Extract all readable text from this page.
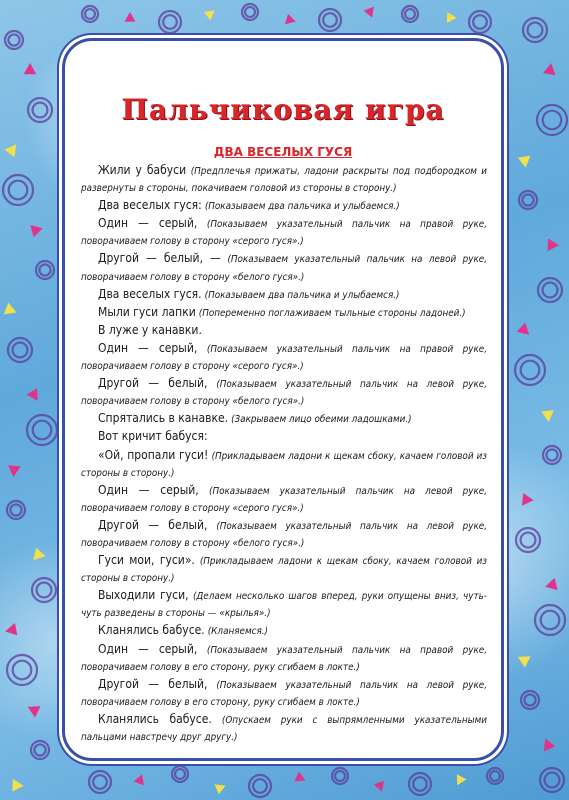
Пальчиковая игра
ДВА ВЕСЕЛЫХ ГУСЯ

Жили у бабуси (Предплечья прижаты, ладони раскрыты под подбородком и развернуты в стороны, покачиваем головой из стороны в сторону.)

Два веселых гуся: (Показываем два пальчика и улыбаемся.)

Один — серый, (Показываем указательный пальчик на правой руке, поворачиваем голову в сторону «серого гуся».)

Другой — белый, — (Показываем указательный пальчик на левой руке, поворачиваем голову в сторону «белого гуся».)

Два веселых гуся. (Показываем два пальчика и улыбаемся.)

Мыли гуси лапки (Попеременно поглаживаем тыльные стороны ладоней.)

В луже у канавки.

Один — серый, (Показываем указательный пальчик на правой руке, поворачиваем голову в сторону «серого гуся».)

Другой — белый, (Показываем указательный пальчик на левой руке, поворачиваем голову в сторону «белого гуся».)

Спрятались в канавке. (Закрываем лицо обеими ладошками.)

Вот кричит бабуся:

«Ой, пропали гуси! (Прикладываем ладони к щекам сбоку, качаем головой из стороны в сторону.)

Один — серый, (Показываем указательный пальчик на левой руке, поворачиваем голову в сторону «серого гуся».)

Другой — белый, (Показываем указательный пальчик на левой руке, поворачиваем голову в сторону «белого гуся».)

Гуси мои, гуси». (Прикладываем ладони к щекам сбоку, качаем головой из стороны в сторону.)

Выходили гуси, (Делаем несколько шагов вперед, руки опущены вниз, чуть-чуть разведены в стороны — «крылья».)

Кланялись бабусе. (Кланяемся.)

Один — серый, (Показываем указательный пальчик на правой руке, поворачиваем голову в его сторону, руку сгибаем в локте.)

Другой — белый, (Показываем указательный пальчик на левой руке, поворачиваем голову в его сторону, руку сгибаем в локте.)

Кланялись бабусе. (Опускаем руки с выпрямленными указательными пальцами навстречу друг другу.)
